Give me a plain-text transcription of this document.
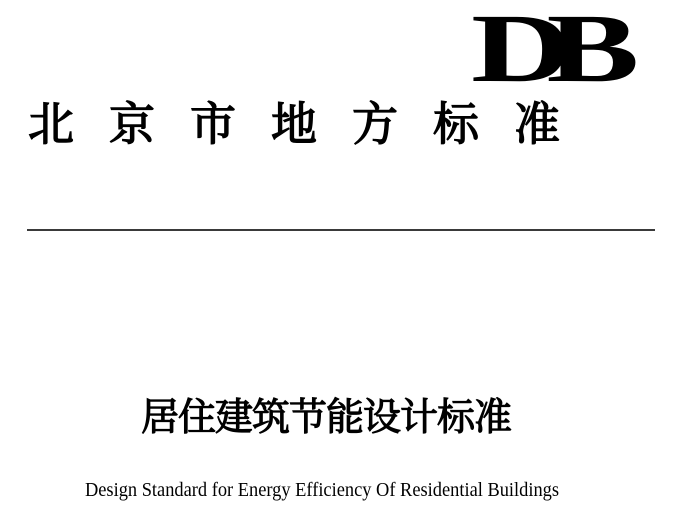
DB
北京市地方标准
居住建筑节能设计标准
Design Standard for Energy Efficiency Of Residential Buildings
